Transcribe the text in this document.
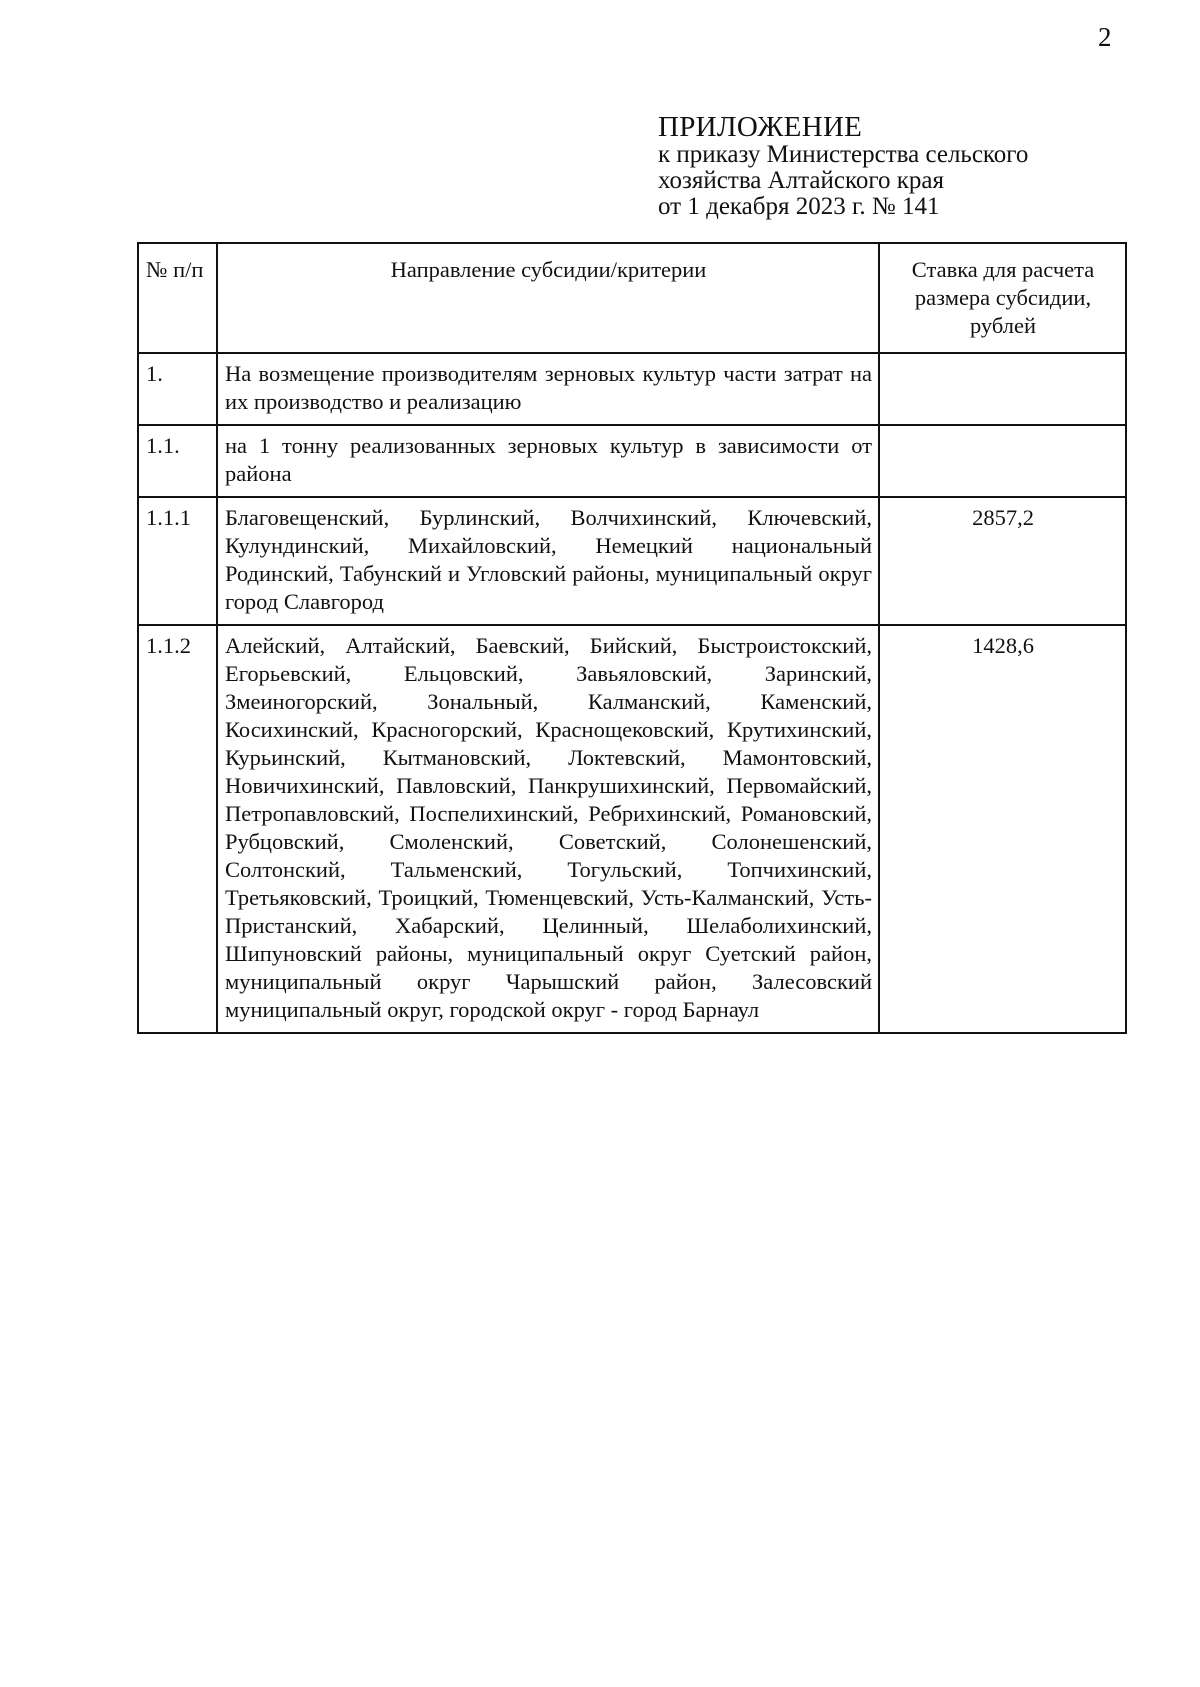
2
ПРИЛОЖЕНИЕ
к приказу Министерства сельского
хозяйства Алтайского края
от 1 декабря 2023 г. № 141
№ п/п	Направление субсидии/критерии	Ставка для расчета размера субсидии, рублей
1.	На возмещение производителям зерновых культур части затрат на их производство и реализацию	
1.1.	на 1 тонну реализованных зерновых культур в зависимости от района	
1.1.1	Благовещенский, Бурлинский, Волчихинский, Ключевский, Кулундинский, Михайловский, Немецкий национальный Родинский, Табунский и Угловский районы, муниципальный округ город Славгород	2857,2
1.1.2	Алейский, Алтайский, Баевский, Бийский, Быстроистокский, Егорьевский, Ельцовский, Завьяловский, Заринский, Змеиногорский, Зональный, Калманский, Каменский, Косихинский, Красногорский, Краснощековский, Крутихинский, Курьинский, Кытмановский, Локтевский, Мамонтовский, Новичихинский, Павловский, Панкрушихинский, Первомайский, Петропавловский, Поспелихинский, Ребрихинский, Романовский, Рубцовский, Смоленский, Советский, Солонешенский, Солтонский, Тальменский, Тогульский, Топчихинский, Третьяковский, Троицкий, Тюменцевский, Усть-Калманский, Усть-Пристанский, Хабарский, Целинный, Шелаболихинский, Шипуновский районы, муниципальный округ Суетский район, муниципальный округ Чарышский район, Залесовский муниципальный округ, городской округ - город Барнаул	1428,6
